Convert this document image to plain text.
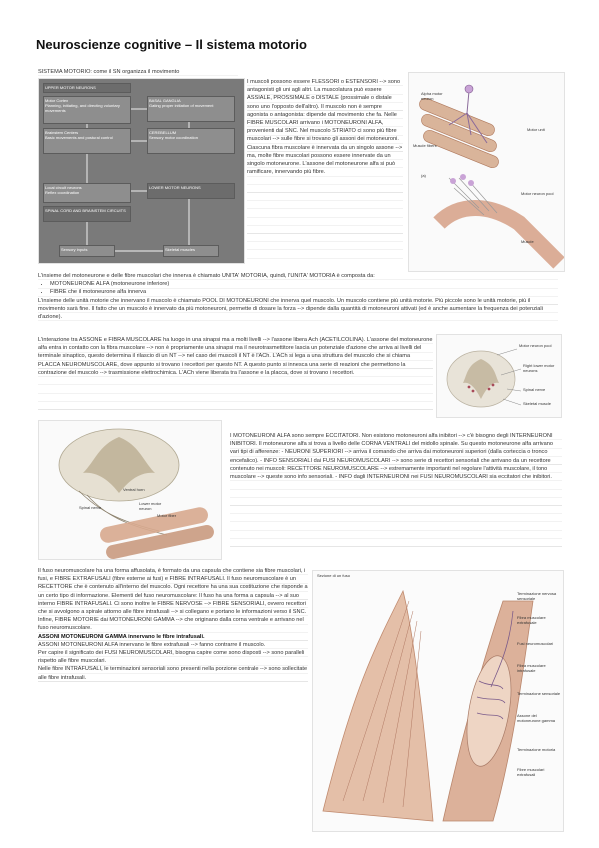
Neuroscienze cognitive – Il sistema motorio
SISTEMA MOTORIO: come il SN organizza il movimento
UPPER MOTOR NEURONS
Motor Cortex
Planning, initiating, and directing voluntary movements
BASAL GANGLIA
Gating proper initiation of movement
Brainstem Centers
Basic movements and postural control
CEREBELLUM
Sensory motor coordination
Local circuit neurons
Reflex coordination
LOWER MOTOR NEURONS
SPINAL CORD AND BRAINSTEM CIRCUITS
Sensory inputs	Skeletal muscles
I muscoli possono essere FLESSORI o ESTENSORI --> sono antagonisti gli uni agli altri. La muscolatura può essere ASSIALE, PROSSIMALE o DISTALE (prossimale o distale sono uno l'opposto dell'altro). Il muscolo non è sempre agonista o antagonista: dipende dal movimento che fa. Nelle FIBRE MUSCOLARI arrivano i MOTONEURONI ALFA, provenienti dal SNC. Nel muscolo STRIATO ci sono più fibre muscolari --> sulle fibre si trovano gli assoni dei motoneuroni. Ciascuna fibra muscolare è innervata da un singolo assone --> ma, molte fibre muscolari possono essere innervate da un singolo motoneurone. L'assone del motoneurone alfa si può ramificare, innervando più fibre.
Alpha motor neuron
Muscle fibers
Motor unit
(a)
Motor neuron pool
Muscle
L'insieme del motoneurone e delle fibre muscolari che innerva è chiamato UNITA' MOTORIA, quindi, l'UNITA' MOTORIA è composta da:
• MOTONEURONE ALFA (motoneurone inferiore)
• FIBRE che il motoneurone alfa innerva
L'insieme delle unità motorie che innervano il muscolo è chiamato POOL DI MOTONEURONI che innerva quel muscolo. Un muscolo contiene più unità motorie. Più piccole sono le unità motorie, più il movimento sarà fine. Il fatto che un muscolo è innervato da più motoneuroni, permette di dosare la forza --> dipende dalla quantità di motoneuroni attivati (ed è anche aumentare la frequenza dei potenziali d'azione).
L'interazione tra ASSONE e FIBRA MUSCOLARE ha luogo in una sinapsi ma a molti livelli --> l'assone libera Ach (ACETILCOLINA). L'assone del motoneurone alfa entra in contatto con la fibra muscolare --> non è propriamente una sinapsi ma il neurotrasmettitore lascia un potenziale d'azione che arriva ai livelli del terminale sinaptico, questo determina il rilascio di un NT --> nel caso dei muscoli il NT è l'ACh. L'ACh si lega a una struttura del muscolo che si chiama PLACCA NEUROMUSCOLARE, dove appunto si trovano i recettori per questo NT. A questo punto si innesca una serie di reazioni che permettono la contrazione del muscolo --> trasmissione elettrochimica. L'ACh viene liberata tra l'assone e la placca, dove si trovano i recettori.
Motor neuron pool
Right lower motor neurons
Spinal nerve
Skeletal muscle
Ventral horn
Lower motor neuron
Motor fiber
Spinal nerve
I MOTONEURONI ALFA sono sempre ECCITATORI. Non esistono motoneuroni alfa inibitori --> c'è bisogno degli INTERNEURONI INIBITORI. Il motoneurone alfa si trova a livello delle CORNA VENTRALI del midollo spinale. Su questo motoneurone alfa arrivano vari tipi di afferenze: - NEURONI SUPERIORI --> arriva il comando che arriva dai motoneuroni superiori (dalla corteccia o tronco encefalico). - INFO SENSORIALI dai FUSI NEUROMUSCOLARI --> sono serie di recettori sensoriali che arrivano da un recettore contenuto nei muscoli: RECETTORE NEUROMUSCOLARE --> estremamente importanti nel regolare l'attività muscolare, il tono muscolare --> queste sono info sensoriali. - INFO dagli INTERNEURONI nei FUSI NEUROMUSCOLARI sia eccitatori che inibitori.
Il fuso neuromuscolare ha una forma affusolata, è formato da una capsula che contiene sia fibre muscolari, i fusi, e FIBRE EXTRAFUSALI (fibre esterne ai fusi) e FIBRE INTRAFUSALI. Il fuso neuromuscolare è un RECETTORE che è contenuto all'interno del muscolo. Ogni recettore ha una sua costituzione che risponde a un certo tipo di informazione. Elementi del fuso neuromuscolare: Il fuso ha una forma a capsula --> al suo interno FIBRE INTRAFUSALI. Ci sono inoltre le FIBRE NERVOSE --> FIBRE SENSORIALI, ovvero recettori che si avvolgono a spirale attorno alle fibre intrafusali --> si collegano e portano le informazioni verso il SNC. Infine, FIBRE MOTORIE dai MOTONEURONI GAMMA --> che originano dalla corna ventrale e arrivano nel fuso neuromuscolare.
ASSONI MOTONEURONI GAMMA innervano le fibre intrafusali.
ASSONI MOTONEURONI ALFA innervano le fibre extrafusali --> fanno contrarre il muscolo.
Per capire il significato dei FUSI NEUROMUSCOLARI, bisogna capire come sono disposti --> sono paralleli rispetto alle fibre muscolari.
Nelle fibre INTRAFUSALI, le terminazioni sensoriali sono presenti nella porzione centrale --> sono sollecitate alle fibre intrafusali.
Sezione di un fuso
Terminazione nervosa sensoriale
Fibra muscolare extrafusale
Fusi neuromuscolari
Fibra muscolare intrafusale
Terminazione sensoriale
Assone del motoneurone gamma
Terminazione motoria
Fibre muscolari extrafusali
